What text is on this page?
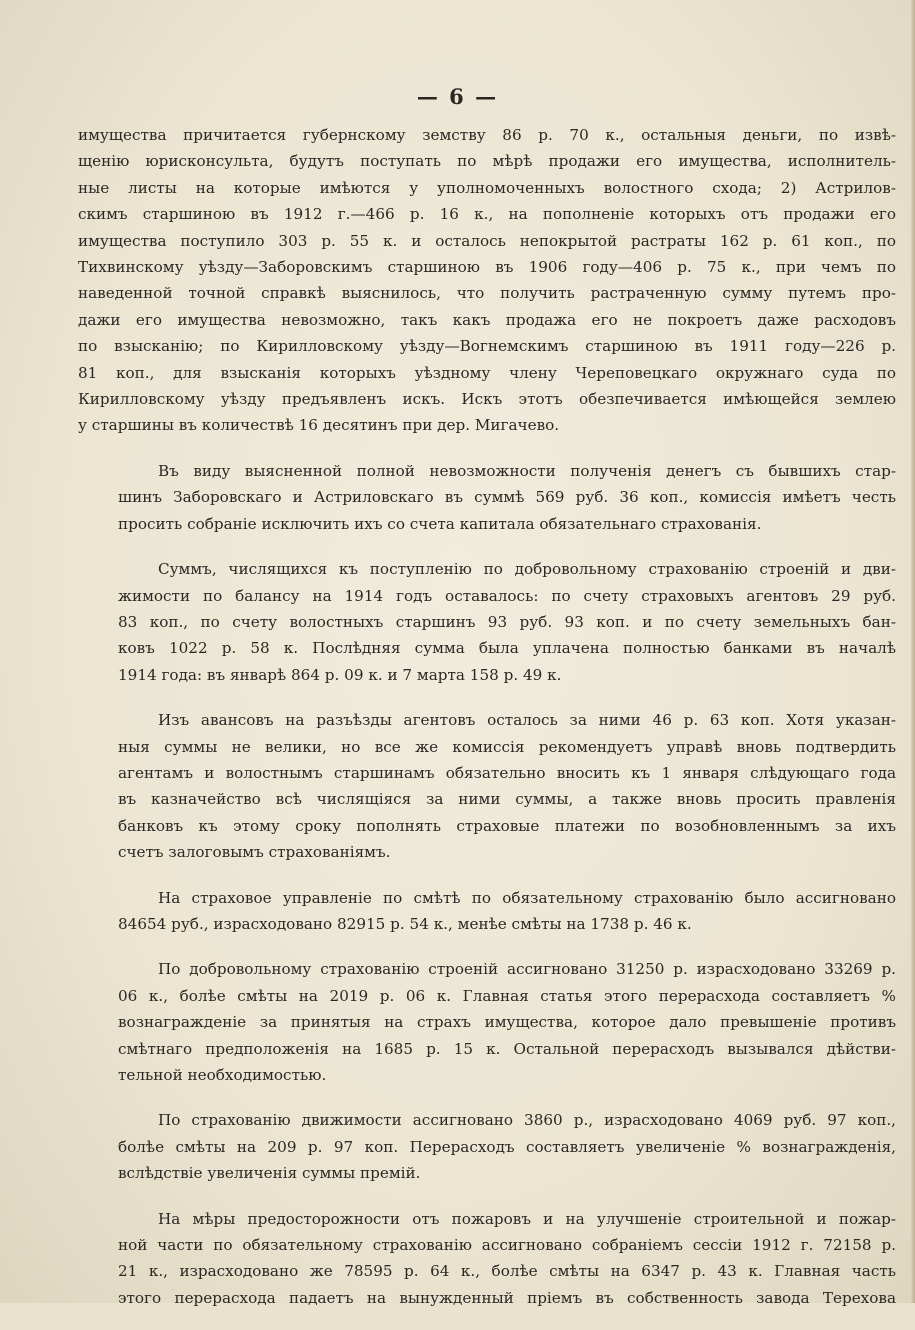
— 6 —
имущества причитается губернскому земству 86 р. 70 к., остальныя деньги, по извѣ-
щенію юрисконсульта, будутъ поступать по мѣрѣ продажи его имущества, исполнитель-
ные листы на которые имѣются у уполномоченныхъ волостного схода; 2) Астрилов-
скимъ старшиною въ 1912 г.—466 р. 16 к., на пополненіе которыхъ отъ продажи его
имущества поступило 303 р. 55 к. и осталось непокрытой растраты 162 р. 61 коп., по
Тихвинскому уѣзду—Заборовскимъ старшиною въ 1906 году—406 р. 75 к., при чемъ по
наведенной точной справкѣ выяснилось, что получить растраченную сумму путемъ про-
дажи его имущества невозможно, такъ какъ продажа его не покроетъ даже расходовъ
по взысканію; по Кирилловскому уѣзду—Вогнемскимъ старшиною въ 1911 году—226 р.
81 коп., для взысканія которыхъ уѣздному члену Череповецкаго окружнаго суда по
Кирилловскому уѣзду предъявленъ искъ. Искъ этотъ обезпечивается имѣющейся землею
у старшины въ количествѣ 16 десятинъ при дер. Мигачево.
Въ виду выясненной полной невозможности полученія денегъ съ бывшихъ стар-
шинъ Заборовскаго и Астриловскаго въ суммѣ 569 руб. 36 коп., комиссія имѣетъ честь
просить собраніе исключить ихъ со счета капитала обязательнаго страхованія.
Суммъ, числящихся къ поступленію по добровольному страхованію строеній и дви-
жимости по балансу на 1914 годъ оставалось: по счету страховыхъ агентовъ 29 руб.
83 коп., по счету волостныхъ старшинъ 93 руб. 93 коп. и по счету земельныхъ бан-
ковъ 1022 р. 58 к. Послѣдняя сумма была уплачена полностью банками въ началѣ
1914 года: въ январѣ 864 р. 09 к. и 7 марта 158 р. 49 к.
Изъ авансовъ на разъѣзды агентовъ осталось за ними 46 р. 63 коп. Хотя указан-
ныя суммы не велики, но все же комиссія рекомендуетъ управѣ вновь подтвердить
агентамъ и волостнымъ старшинамъ обязательно вносить къ 1 января слѣдующаго года
въ казначейство всѣ числящіяся за ними суммы, а также вновь просить правленія
банковъ къ этому сроку пополнять страховые платежи по возобновленнымъ за ихъ
счетъ залоговымъ страхованіямъ.
На страховое управленіе по смѣтѣ по обязательному страхованію было ассигновано
84654 руб., израсходовано 82915 р. 54 к., менѣе смѣты на 1738 р. 46 к.
По добровольному страхованію строеній ассигновано 31250 р. израсходовано 33269 р.
06 к., болѣе смѣты на 2019 р. 06 к. Главная статья этого перерасхода составляетъ %
вознагражденіе за принятыя на страхъ имущества, которое дало превышеніе противъ
смѣтнаго предположенія на 1685 р. 15 к. Остальной перерасходъ вызывался дѣйстви-
тельной необходимостью.
По страхованію движимости ассигновано 3860 р., израсходовано 4069 руб. 97 коп.,
болѣе смѣты на 209 р. 97 коп. Перерасходъ составляетъ увеличеніе % вознагражденія,
вслѣдствіе увеличенія суммы премій.
На мѣры предосторожности отъ пожаровъ и на улучшеніе строительной и пожар-
ной части по обязательному страхованію ассигновано собраніемъ сессіи 1912 г. 72158 р.
21 к., израсходовано же 78595 р. 64 к., болѣе смѣты на 6347 р. 43 к. Главная часть
этого перерасхода падаетъ на вынужденный пріемъ въ собственность завода Терехова
